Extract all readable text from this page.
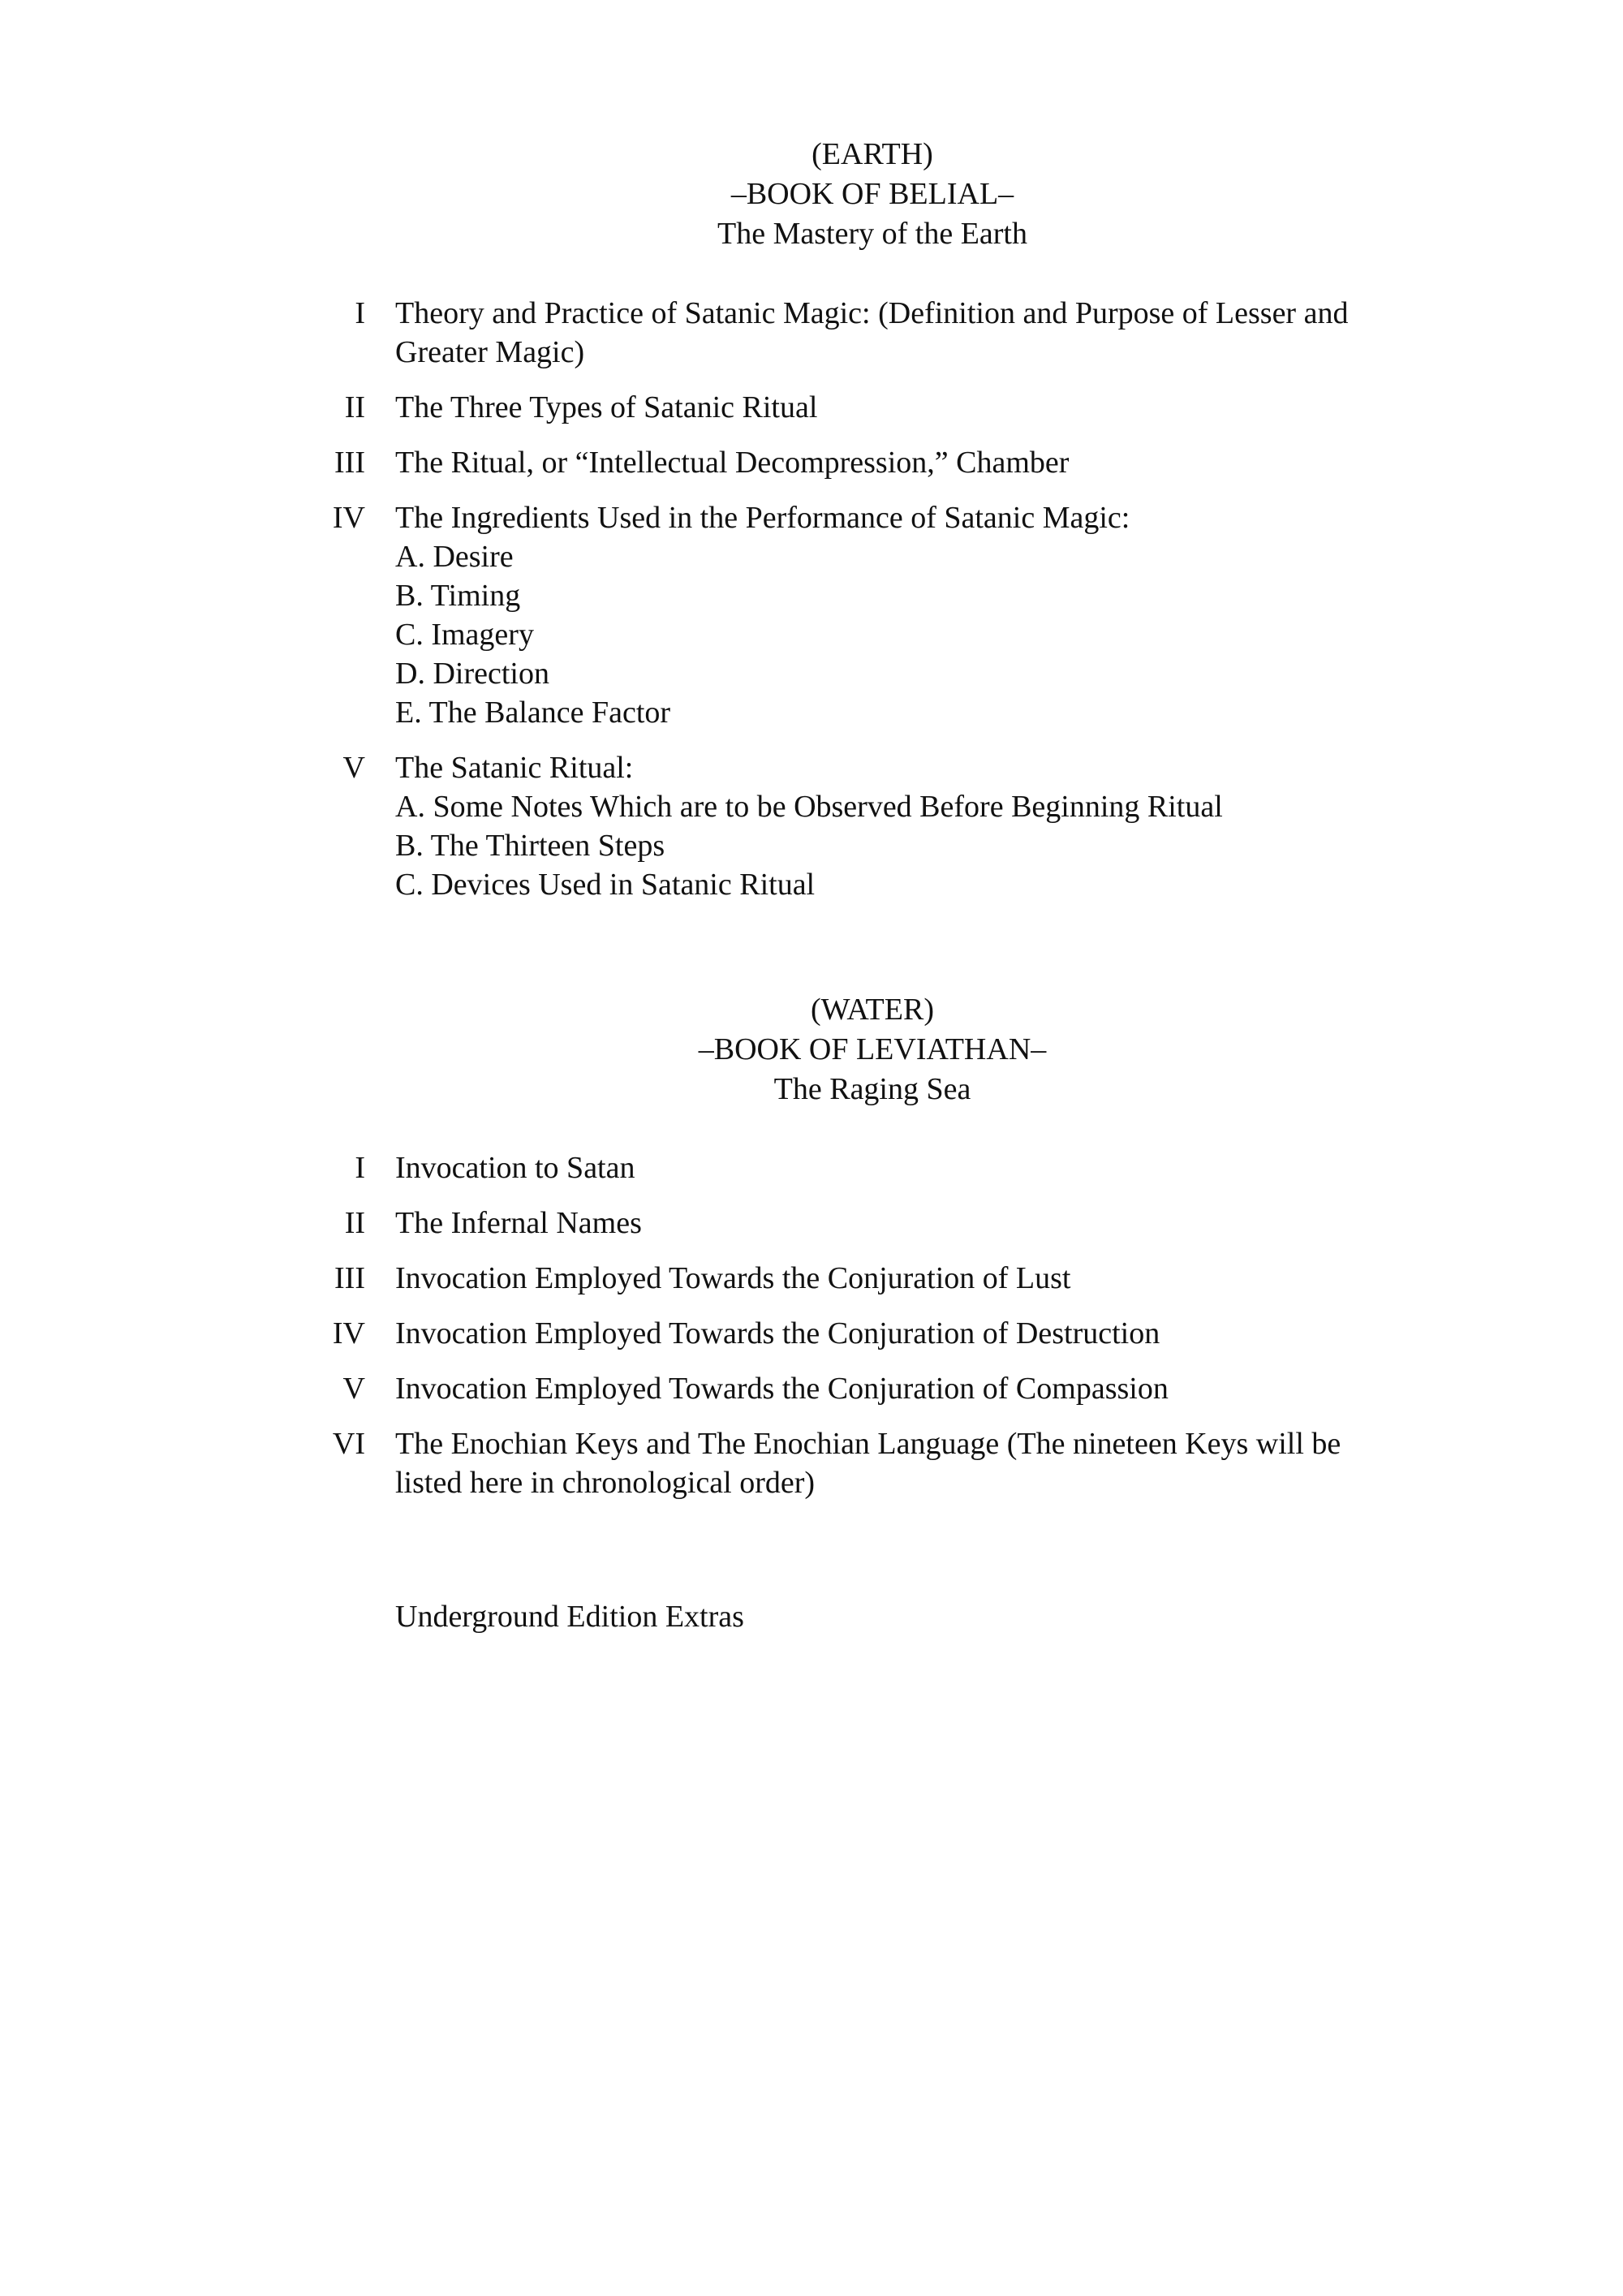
(EARTH)
–BOOK OF BELIAL–
The Mastery of the Earth
I Theory and Practice of Satanic Magic: (Definition and Purpose of Lesser and Greater Magic)
II The Three Types of Satanic Ritual
III The Ritual, or “Intellectual Decompression,” Chamber
IV The Ingredients Used in the Performance of Satanic Magic:
A. Desire
B. Timing
C. Imagery
D. Direction
E. The Balance Factor
V The Satanic Ritual:
A. Some Notes Which are to be Observed Before Beginning Ritual
B. The Thirteen Steps
C. Devices Used in Satanic Ritual
(WATER)
–BOOK OF LEVIATHAN–
The Raging Sea
I Invocation to Satan
II The Infernal Names
III Invocation Employed Towards the Conjuration of Lust
IV Invocation Employed Towards the Conjuration of Destruction
V Invocation Employed Towards the Conjuration of Compassion
VI The Enochian Keys and The Enochian Language (The nineteen Keys will be listed here in chronological order)
Underground Edition Extras
